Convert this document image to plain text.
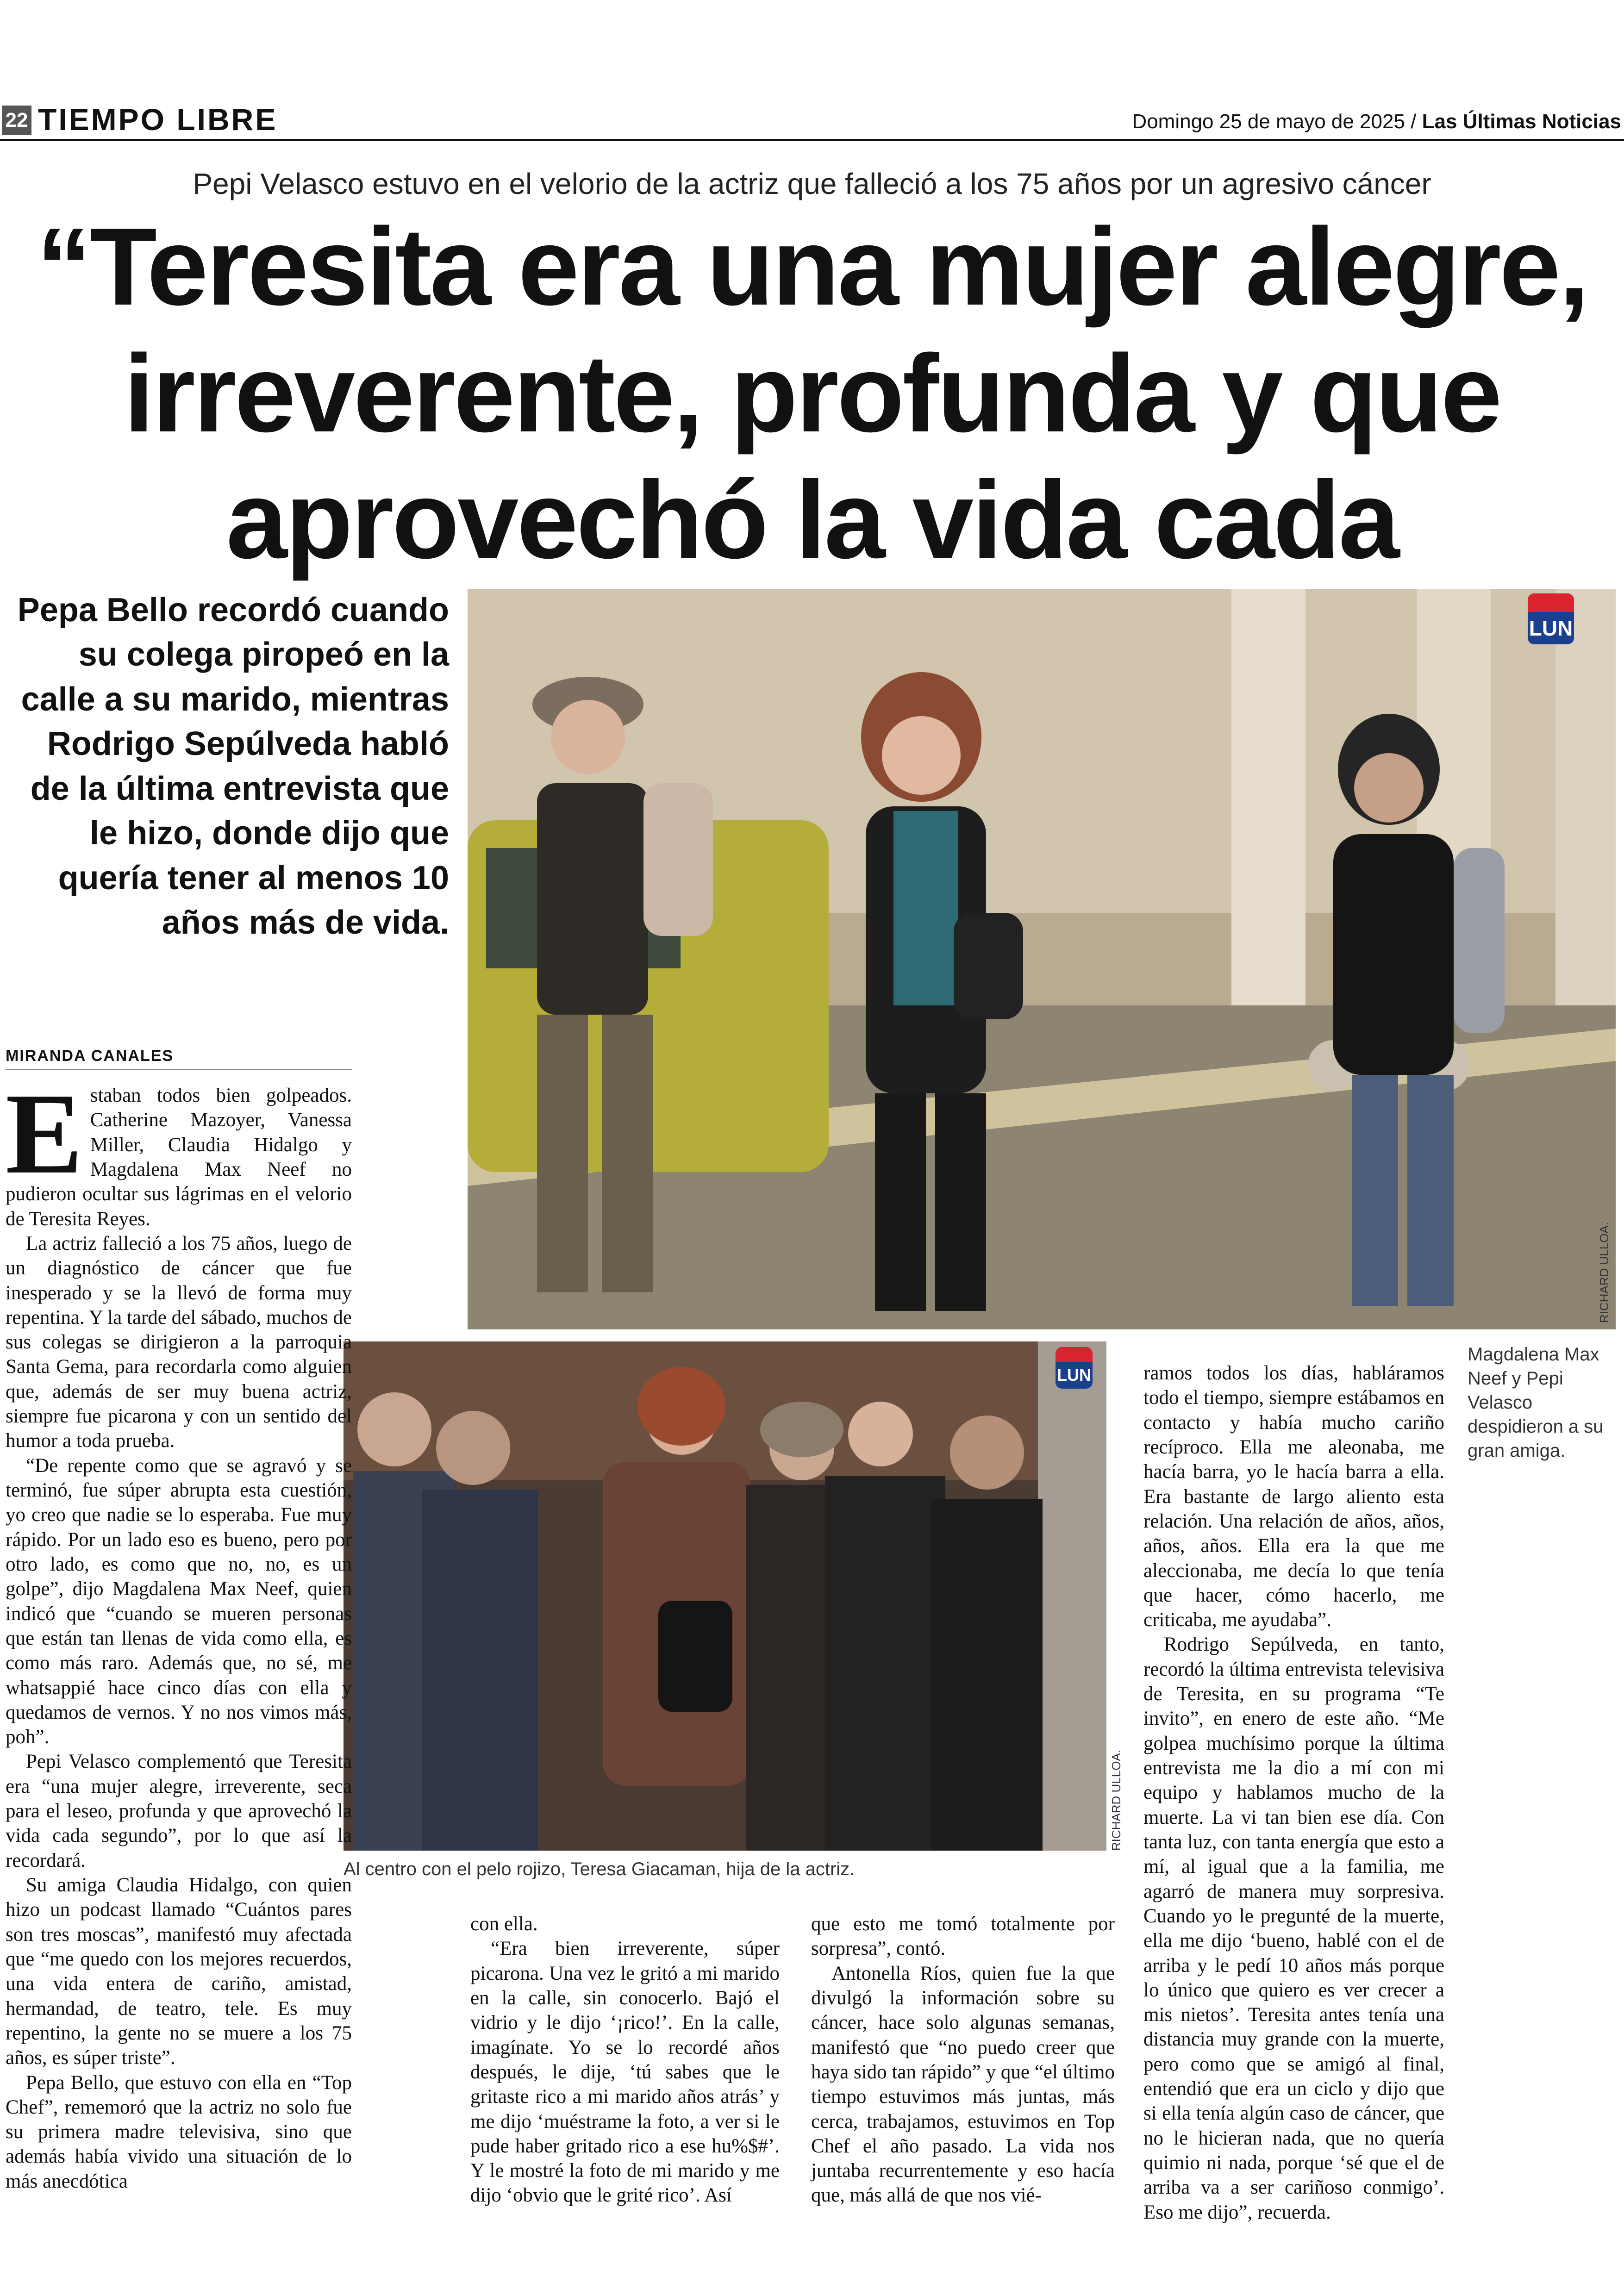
22 TIEMPO LIBRE	Domingo 25 de mayo de 2025 / Las Últimas Noticias
Pepi Velasco estuvo en el velorio de la actriz que falleció a los 75 años por un agresivo cáncer
“Teresita era una mujer alegre, irreverente, profunda y que aprovechó la vida cada
Pepa Bello recordó cuando su colega piropeó en la calle a su marido, mientras Rodrigo Sepúlveda habló de la última entrevista que le hizo, donde dijo que quería tener al menos 10 años más de vida.
LUN
RICHARD ULLOA.
Magdalena Max Neef y Pepi Velasco despidieron a su gran amiga.
LUN
RICHARD ULLOA.
Al centro con el pelo rojizo, Teresa Giacaman, hija de la actriz.
MIRANDA CANALES

Estaban todos bien golpeados. Catherine Mazoyer, Vanessa Miller, Claudia Hidalgo y Magdalena Max Neef no pudieron ocultar sus lágrimas en el velorio de Teresita Reyes.

La actriz falleció a los 75 años, luego de un diagnóstico de cáncer que fue inesperado y se la llevó de forma muy repentina. Y la tarde del sábado, muchos de sus colegas se dirigieron a la parroquia Santa Gema, para recordarla como alguien que, además de ser muy buena actriz, siempre fue picarona y con un sentido del humor a toda prueba.

“De repente como que se agravó y se terminó, fue súper abrupta esta cuestión, yo creo que nadie se lo esperaba. Fue muy rápido. Por un lado eso es bueno, pero por otro lado, es como que no, no, es un golpe”, dijo Magdalena Max Neef, quien indicó que “cuando se mueren personas que están tan llenas de vida como ella, es como más raro. Además que, no sé, me whatsappié hace cinco días con ella y quedamos de vernos. Y no nos vimos más, poh”.

Pepi Velasco complementó que Teresita era “una mujer alegre, irreverente, seca para el leseo, profunda y que aprovechó la vida cada segundo”, por lo que así la recordará.

Su amiga Claudia Hidalgo, con quien hizo un podcast llamado “Cuántos pares son tres moscas”, manifestó muy afectada que “me quedo con los mejores recuerdos, una vida entera de cariño, amistad, hermandad, de teatro, tele. Es muy repentino, la gente no se muere a los 75 años, es súper triste”.

Pepa Bello, que estuvo con ella en “Top Chef”, rememoró que la actriz no solo fue su primera madre televisiva, sino que además había vivido una situación de lo más anecdótica

con ella.

“Era bien irreverente, súper picarona. Una vez le gritó a mi marido en la calle, sin conocerlo. Bajó el vidrio y le dijo ‘¡rico!’. En la calle, imagínate. Yo se lo recordé años después, le dije, ‘tú sabes que le gritaste rico a mi marido años atrás’ y me dijo ‘muéstrame la foto, a ver si le pude haber gritado rico a ese hu%$#’. Y le mostré la foto de mi marido y me dijo ‘obvio que le grité rico’. Así

que esto me tomó totalmente por sorpresa”, contó.

Antonella Ríos, quien fue la que divulgó la información sobre su cáncer, hace solo algunas semanas, manifestó que “no puedo creer que haya sido tan rápido” y que “el último tiempo estuvimos más juntas, más cerca, trabajamos, estuvimos en Top Chef el año pasado. La vida nos juntaba recurrentemente y eso hacía que, más allá de que nos vié-

ramos todos los días, habláramos todo el tiempo, siempre estábamos en contacto y había mucho cariño recíproco. Ella me aleonaba, me hacía barra, yo le hacía barra a ella. Era bastante de largo aliento esta relación. Una relación de años, años, años, años. Ella era la que me aleccionaba, me decía lo que tenía que hacer, cómo hacerlo, me criticaba, me ayudaba”.

Rodrigo Sepúlveda, en tanto, recordó la última entrevista televisiva de Teresita, en su programa “Te invito”, en enero de este año. “Me golpea muchísimo porque la última entrevista me la dio a mí con mi equipo y hablamos mucho de la muerte. La vi tan bien ese día. Con tanta luz, con tanta energía que esto a mí, al igual que a la familia, me agarró de manera muy sorpresiva. Cuando yo le pregunté de la muerte, ella me dijo ‘bueno, hablé con el de arriba y le pedí 10 años más porque lo único que quiero es ver crecer a mis nietos’. Teresita antes tenía una distancia muy grande con la muerte, pero como que se amigó al final, entendió que era un ciclo y dijo que si ella tenía algún caso de cáncer, que no le hicieran nada, que no quería quimio ni nada, porque ‘sé que el de arriba va a ser cariñoso conmigo’. Eso me dijo”, recuerda.
